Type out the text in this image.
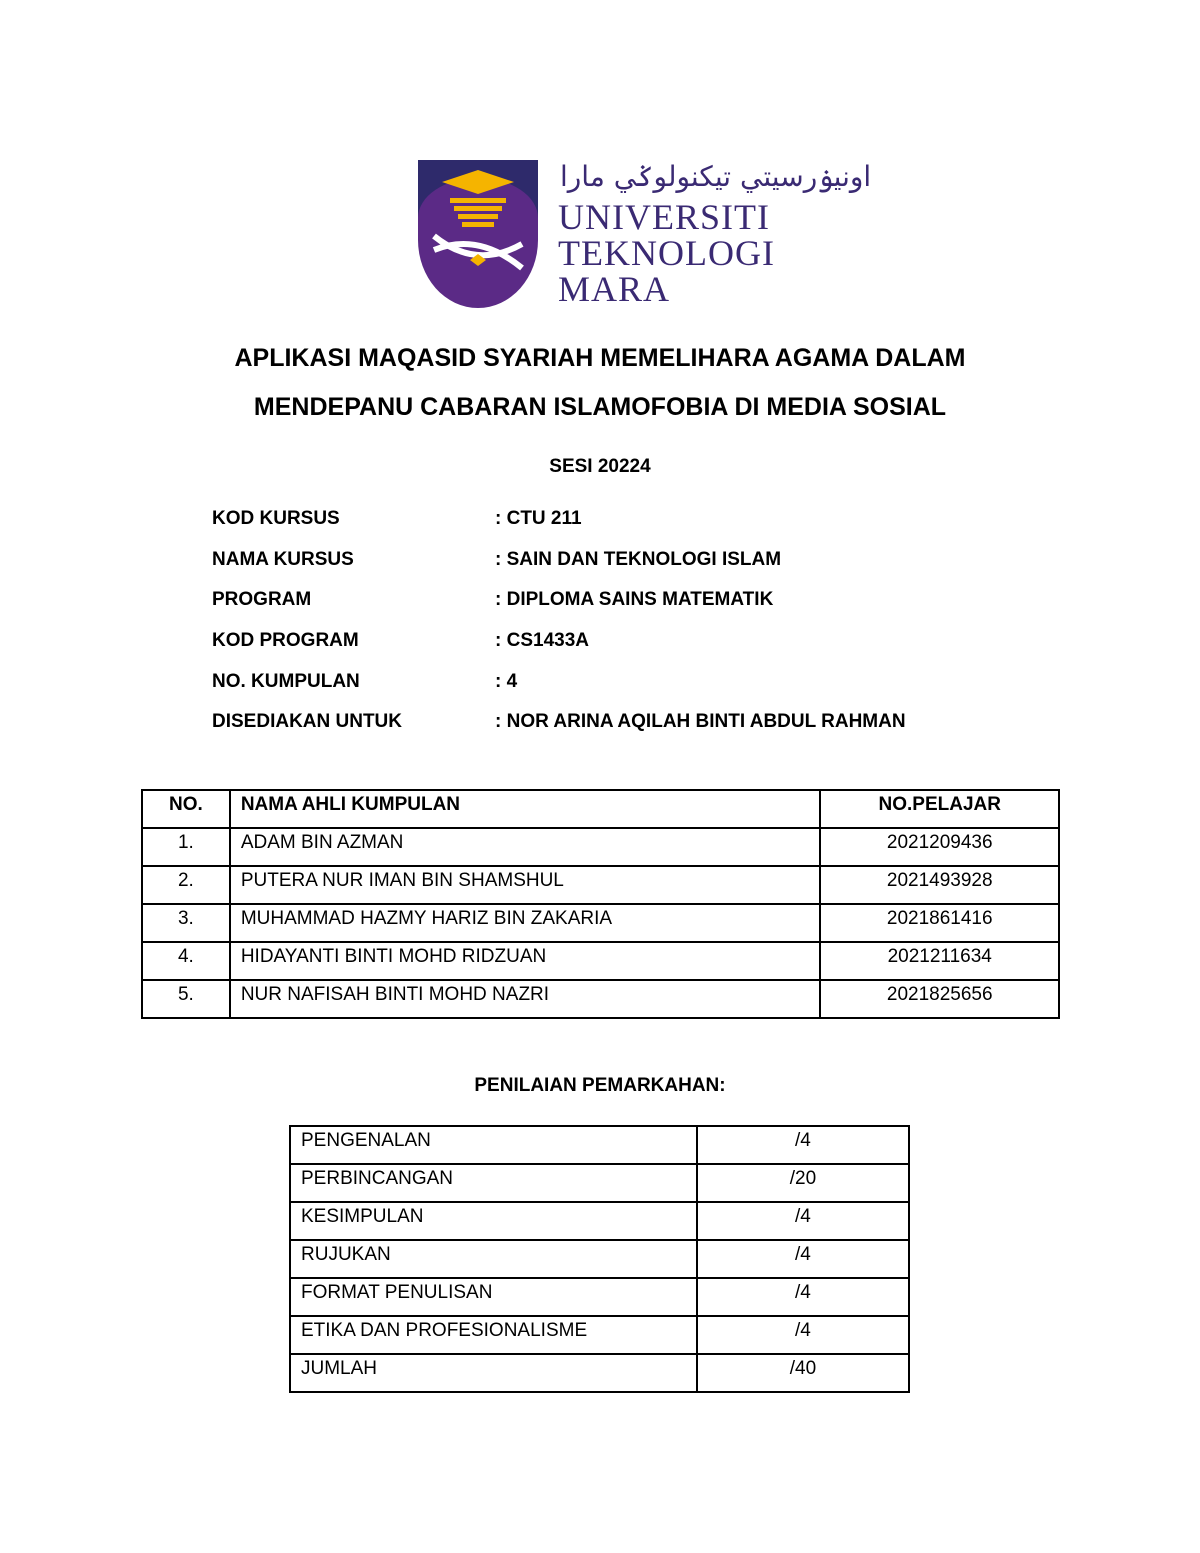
اونيۏرسيتي تيكنولوݢي مارا
UNIVERSITI
TEKNOLOGI
MARA
APLIKASI MAQASID SYARIAH MEMELIHARA AGAMA DALAM
MENDEPANU CABARAN ISLAMOFOBIA DI MEDIA SOSIAL
SESI 20224
KOD KURSUS	: CTU 211
NAMA KURSUS	: SAIN DAN TEKNOLOGI ISLAM
PROGRAM	: DIPLOMA SAINS MATEMATIK
KOD PROGRAM	: CS1433A
NO. KUMPULAN	: 4
DISEDIAKAN UNTUK	: NOR ARINA AQILAH BINTI ABDUL RAHMAN
NO.	NAMA AHLI KUMPULAN	NO.PELAJAR
1.	ADAM BIN AZMAN	2021209436
2.	PUTERA NUR IMAN BIN SHAMSHUL	2021493928
3.	MUHAMMAD HAZMY HARIZ BIN ZAKARIA	2021861416
4.	HIDAYANTI BINTI MOHD RIDZUAN	2021211634
5.	NUR NAFISAH BINTI MOHD NAZRI	2021825656
PENILAIAN PEMARKAHAN:
PENGENALAN	/4
PERBINCANGAN	/20
KESIMPULAN	/4
RUJUKAN	/4
FORMAT PENULISAN	/4
ETIKA DAN PROFESIONALISME	/4
JUMLAH	/40
